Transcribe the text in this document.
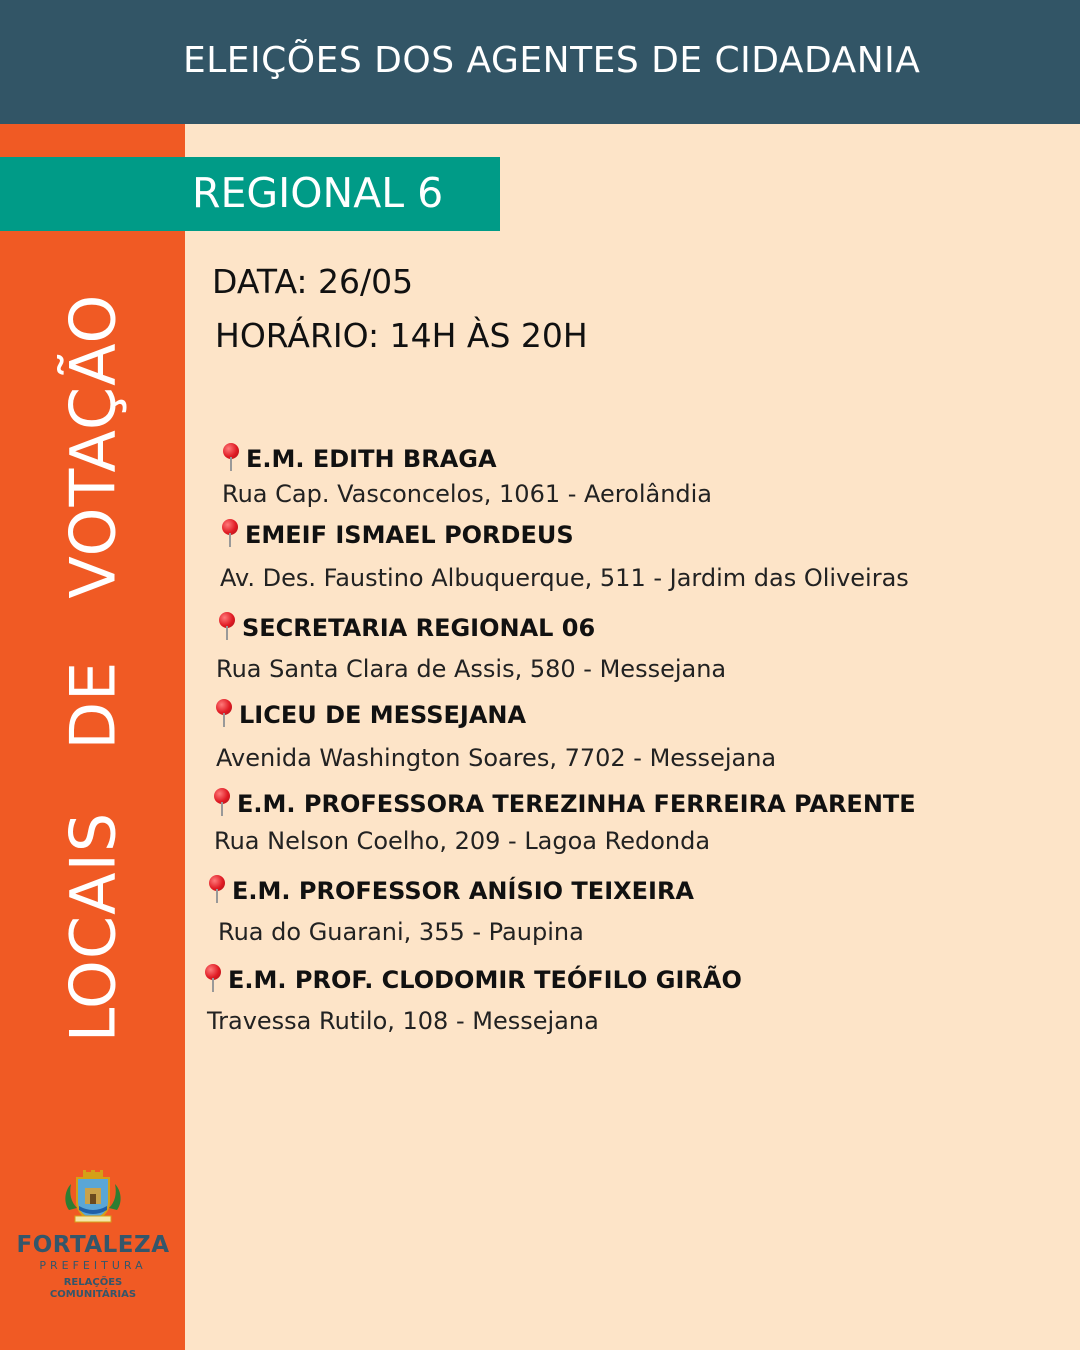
ELEIÇÕES DOS AGENTES DE CIDADANIA
LOCAIS   DE   VOTAÇÃO
REGIONAL 6
DATA: 26/05
HORÁRIO: 14H ÀS 20H
E.M. EDITH BRAGA
Rua Cap. Vasconcelos, 1061 - Aerolândia
EMEIF ISMAEL PORDEUS
Av. Des. Faustino Albuquerque, 511 - Jardim das Oliveiras
SECRETARIA REGIONAL 06
Rua Santa Clara de Assis, 580 - Messejana
LICEU DE MESSEJANA
Avenida Washington Soares, 7702 - Messejana
E.M. PROFESSORA TEREZINHA FERREIRA PARENTE
Rua Nelson Coelho, 209 - Lagoa Redonda
E.M. PROFESSOR ANÍSIO TEIXEIRA
Rua do Guarani, 355 - Paupina
E.M. PROF. CLODOMIR TEÓFILO GIRÃO
Travessa Rutilo, 108 - Messejana
FORTALEZA
PREFEITURA
RELAÇÕES
COMUNITÁRIAS
